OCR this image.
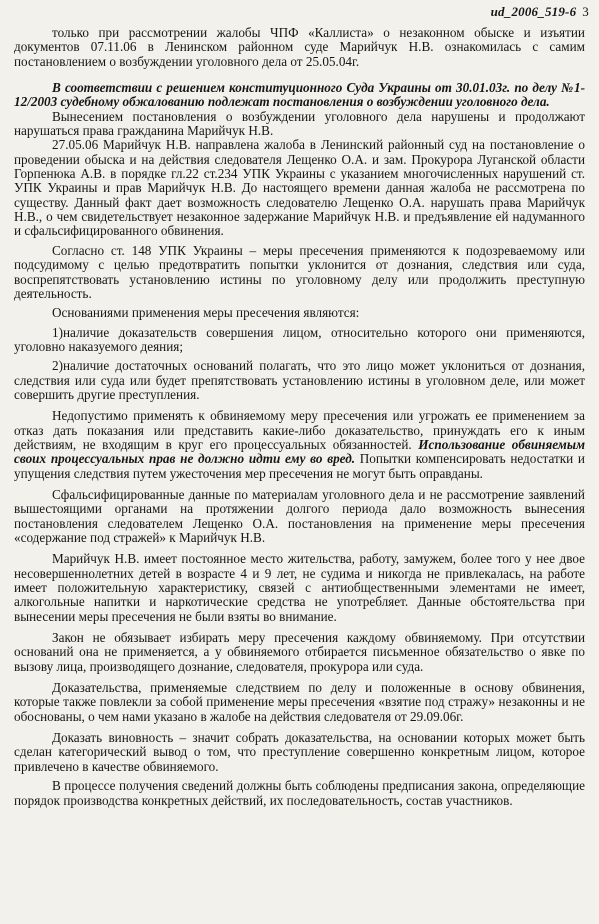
ud_2006_519-6 3

только при рассмотрении жалобы ЧПФ «Каллиста» о незаконном обыске и изъятии документов 07.11.06 в Ленинском районном суде Марийчук Н.В. ознакомилась с самим постановлением о возбуждении уголовного дела от 25.05.04г.

В соответствии с решением конституционного Суда Украины от 30.01.03г. по делу №1-12/2003 судебному обжалованию подлежат постановления о возбуждении уголовного дела.

Вынесением постановления о возбуждении уголовного дела нарушены и продолжают нарушаться права гражданина Марийчук Н.В.

27.05.06 Марийчук Н.В. направлена жалоба в Ленинский районный суд на постановление о проведении обыска и на действия следователя Лещенко О.А. и зам. Прокурора Луганской области Горпенюка А.В. в порядке гл.22 ст.234 УПК Украины с указанием многочисленных нарушений ст. УПК Украины и прав Марийчук Н.В. До настоящего времени данная жалоба не рассмотрена по существу. Данный факт дает возможность следователю Лещенко О.А. нарушать права Марийчук Н.В., о чем свидетельствует незаконное задержание Марийчук Н.В. и предъявление ей надуманного и сфальсифицированного обвинения.

Согласно ст. 148 УПК Украины – меры пресечения применяются к подозреваемому или подсудимому с целью предотвратить попытки уклонится от дознания, следствия или суда, воспрепятствовать установлению истины по уголовному делу или продолжить преступную деятельность.

Основаниями применения меры пресечения являются:

1)наличие доказательств совершения лицом, относительно которого они применяются, уголовно наказуемого деяния;

2)наличие достаточных оснований полагать, что это лицо может уклониться от дознания, следствия или суда или будет препятствовать установлению истины в уголовном деле, или может совершить другие преступления.

Недопустимо применять к обвиняемому меру пресечения или угрожать ее применением за отказ дать показания или представить какие-либо доказательство, принуждать его к иным действиям, не входящим в круг его процессуальных обязанностей. Использование обвиняемым своих процессуальных прав не должно идти ему во вред. Попытки компенсировать недостатки и упущения следствия путем ужесточения мер пресечения не могут быть оправданы.

Сфальсифицированные данные по материалам уголовного дела и не рассмотрение заявлений вышестоящими органами на протяжении долгого периода дало возможность вынесения постановления следователем Лещенко О.А. постановления на применение меры пресечения «содержание под стражей» к Марийчук Н.В.

Марийчук Н.В. имеет постоянное место жительства, работу, замужем, более того у нее двое несовершеннолетних детей в возрасте 4 и 9 лет, не судима и никогда не привлекалась, на работе имеет положительную характеристику, связей с антиобщественными элементами не имеет, алкогольные напитки и наркотические средства не употребляет. Данные обстоятельства при вынесении меры пресечения не были взяты во внимание.

Закон не обязывает избирать меру пресечения каждому обвиняемому. При отсутствии оснований она не применяется, а у обвиняемого отбирается письменное обязательство о явке по вызову лица, производящего дознание, следователя, прокурора или суда.

Доказательства, применяемые следствием по делу и положенные в основу обвинения, которые также повлекли за собой применение меры пресечения «взятие под стражу» незаконны и не обоснованы, о чем нами указано в жалобе на действия следователя от 29.09.06г.

Доказать виновность – значит собрать доказательства, на основании которых может быть сделан категорический вывод о том, что преступление совершенно конкретным лицом, которое привлечено в качестве обвиняемого.

В процессе получения сведений должны быть соблюдены предписания закона, определяющие порядок производства конкретных действий, их последовательность, состав участников.
